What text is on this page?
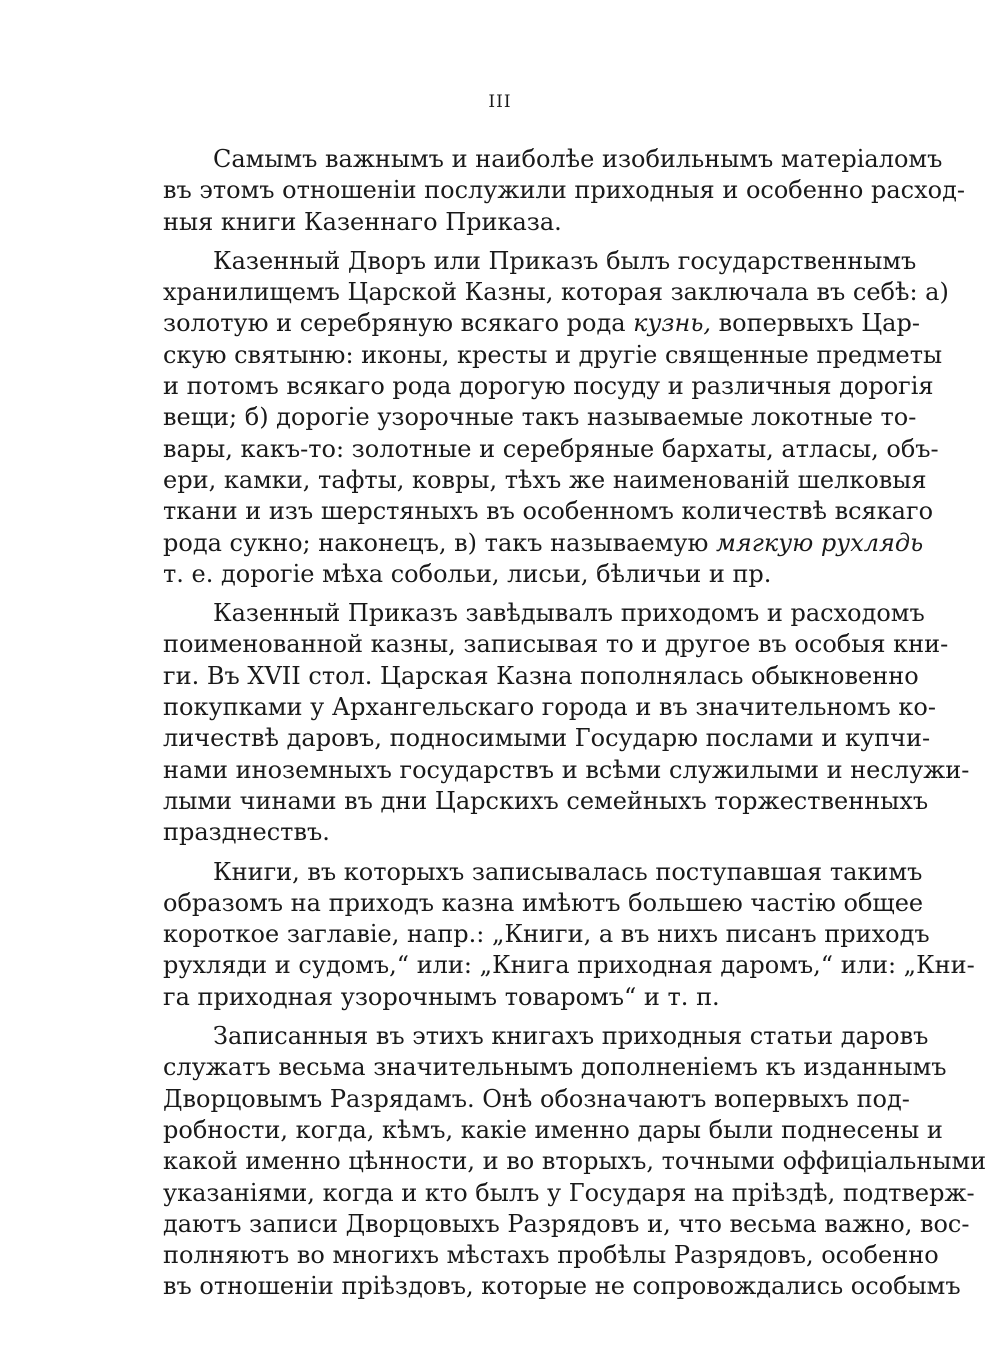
III
Самымъ важнымъ и наиболѣе изобильнымъ матеріаломъ
въ этомъ отношеніи послужили приходныя и особенно расход-
ныя книги Казеннаго Приказа.
Казенный Дворъ или Приказъ былъ государственнымъ
хранилищемъ Царской Казны, которая заключала въ себѣ: а)
золотую и серебряную всякаго рода кузнь, вопервыхъ Цар-
скую святыню: иконы, кресты и другіе священные предметы
и потомъ всякаго рода дорогую посуду и различныя дорогія
вещи; б) дорогіе узорочные такъ называемые локотные то-
вары, какъ-то: золотные и серебряные бархаты, атласы, объ-
ери, камки, тафты, ковры, тѣхъ же наименованій шелковыя
ткани и изъ шерстяныхъ въ особенномъ количествѣ всякаго
рода сукно; наконецъ, в) такъ называемую мягкую рухлядь
т. е. дорогіе мѣха собольи, лисьи, бѣличьи и пр.
Казенный Приказъ завѣдывалъ приходомъ и расходомъ
поименованной казны, записывая то и другое въ особыя кни-
ги. Въ XVII стол. Царская Казна пополнялась обыкновенно
покупками у Архангельскаго города и въ значительномъ ко-
личествѣ даровъ, подносимыми Государю послами и купчи-
нами иноземныхъ государствъ и всѣми служилыми и неслужи-
лыми чинами въ дни Царскихъ семейныхъ торжественныхъ
празднествъ.
Книги, въ которыхъ записывалась поступавшая такимъ
образомъ на приходъ казна имѣютъ большею частію общее
короткое заглавіе, напр.: „Книги, а въ нихъ писанъ приходъ
рухляди и судомъ,“ или: „Книга приходная даромъ,“ или: „Кни-
га приходная узорочнымъ товаромъ“ и т. п.
Записанныя въ этихъ книгахъ приходныя статьи даровъ
служатъ весьма значительнымъ дополненіемъ къ изданнымъ
Дворцовымъ Разрядамъ. Онѣ обозначаютъ вопервыхъ под-
робности, когда, кѣмъ, какіе именно дары были поднесены и
какой именно цѣнности, и во вторыхъ, точными оффиціальными
указаніями, когда и кто былъ у Государя на пріѣздѣ, подтверж-
даютъ записи Дворцовыхъ Разрядовъ и, что весьма важно, вос-
полняютъ во многихъ мѣстахъ пробѣлы Разрядовъ, особенно
въ отношеніи пріѣздовъ, которые не сопровождались особымъ
